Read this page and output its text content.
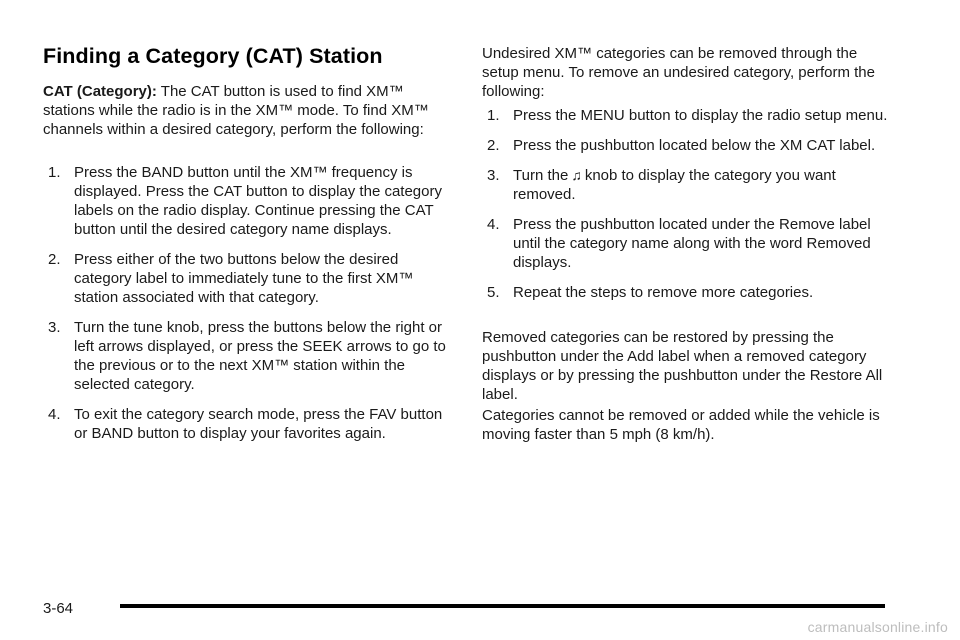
Finding a Category (CAT) Station

CAT (Category): The CAT button is used to find XM™ stations while the radio is in the XM™ mode. To find XM™ channels within a desired category, perform the following:

1. Press the BAND button until the XM™ frequency is displayed. Press the CAT button to display the category labels on the radio display. Continue pressing the CAT button until the desired category name displays.
2. Press either of the two buttons below the desired category label to immediately tune to the first XM™ station associated with that category.
3. Turn the tune knob, press the buttons below the right or left arrows displayed, or press the SEEK arrows to go to the previous or to the next XM™ station within the selected category.
4. To exit the category search mode, press the FAV button or BAND button to display your favorites again.

Undesired XM™ categories can be removed through the setup menu. To remove an undesired category, perform the following:

1. Press the MENU button to display the radio setup menu.
2. Press the pushbutton located below the XM CAT label.
3. Turn the ♫ knob to display the category you want removed.
4. Press the pushbutton located under the Remove label until the category name along with the word Removed displays.
5. Repeat the steps to remove more categories.

Removed categories can be restored by pressing the pushbutton under the Add label when a removed category displays or by pressing the pushbutton under the Restore All label.

Categories cannot be removed or added while the vehicle is moving faster than 5 mph (8 km/h).

3-64
carmanualsonline.info
